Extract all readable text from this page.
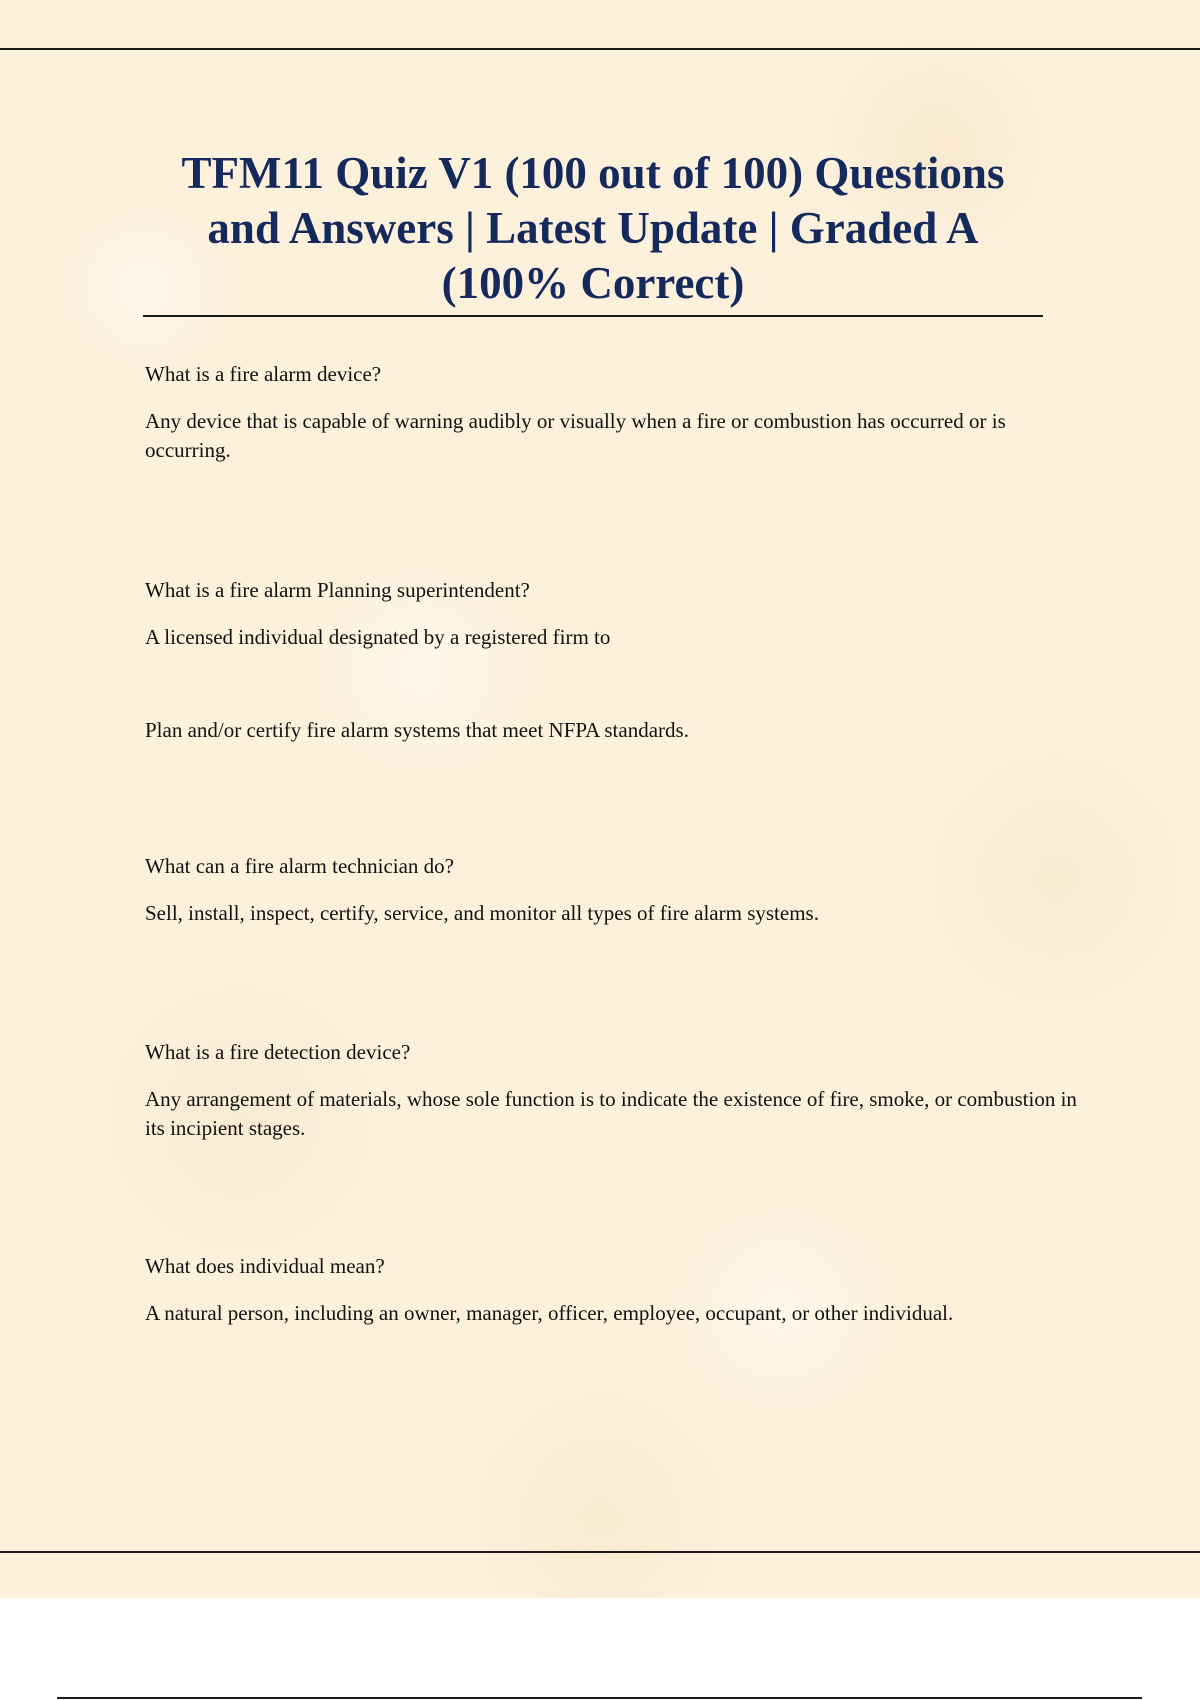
TFM11 Quiz V1 (100 out of 100) Questions and Answers | Latest Update | Graded A (100% Correct)

What is a fire alarm device?

Any device that is capable of warning audibly or visually when a fire or combustion has occurred or is occurring.

What is a fire alarm Planning superintendent?

A licensed individual designated by a registered firm to

Plan and/or certify fire alarm systems that meet NFPA standards.

What can a fire alarm technician do?

Sell, install, inspect, certify, service, and monitor all types of fire alarm systems.

What is a fire detection device?

Any arrangement of materials, whose sole function is to indicate the existence of fire, smoke, or combustion in its incipient stages.

What does individual mean?

A natural person, including an owner, manager, officer, employee, occupant, or other individual.
